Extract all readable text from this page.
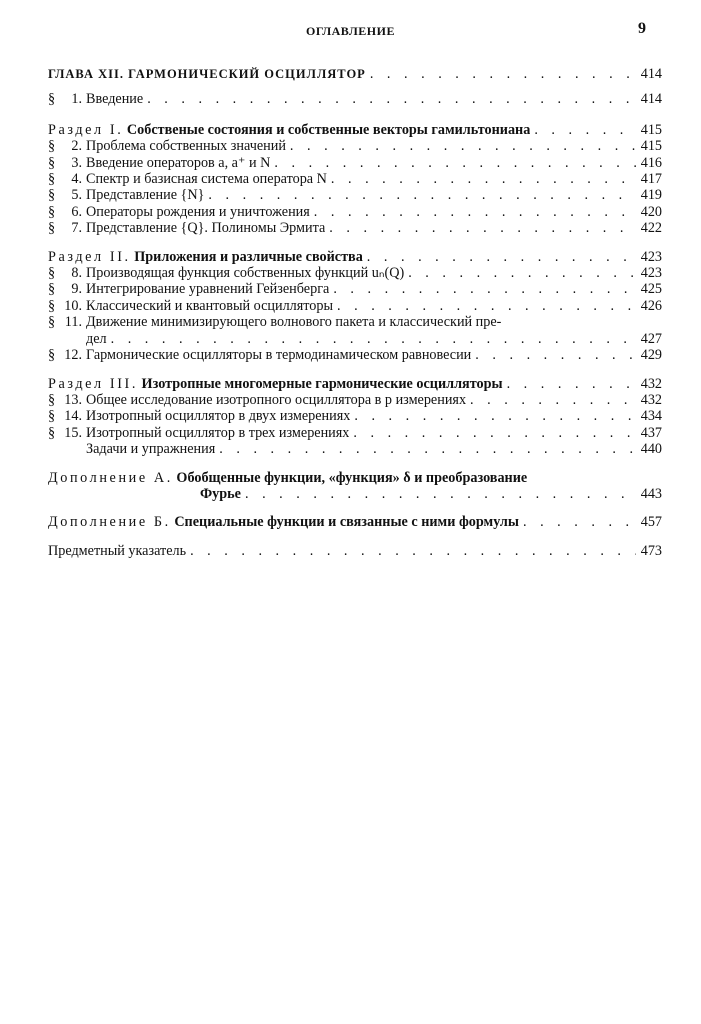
ОГЛАВЛЕНИЕ	9
ГЛАВА XII. ГАРМОНИЧЕСКИЙ ОСЦИЛЛЯТОР . . .	414
§	1. Введение . . .	414
Раздел I. Собственые состояния и собственные векторы гамильтониана . . .	415
§	2. Проблема собственных значений . . .	415
§	3. Введение операторов a, a⁺ и N . . .	416
§	4. Спектр и базисная система оператора N . . .	417
§	5. Представление {N} . . .	419
§	6. Операторы рождения и уничтожения . . .	420
§	7. Представление {Q}. Полиномы Эрмита . . .	422
Раздел II. Приложения и различные свойства . . .	423
§	8. Производящая функция собственных функций uₙ(Q) . . .	423
§	9. Интегрирование уравнений Гейзенберга . . .	425
§ 10. Классический и квантовый осцилляторы . . .	426
§ 11. Движение минимизирующего волнового пакета и классический пре-
дел . . .	427
§ 12. Гармонические осцилляторы в термодинамическом равновесии . . .	429
Раздел III. Изотропные многомерные гармонические осцилляторы . . .	432
§ 13. Общее исследование изотропного осциллятора в p измерениях . . .	432
§ 14. Изотропный осциллятор в двух измерениях . . .	434
§ 15. Изотропный осциллятор в трех измерениях . . .	437
Задачи и упражнения . . .	440
Дополнение А. Обобщенные функции, «функция» δ и преобразование
Фурье . . .	443
Дополнение Б. Специальные функции и связанные с ними формулы . . .	457
Предметный указатель . . .	473
